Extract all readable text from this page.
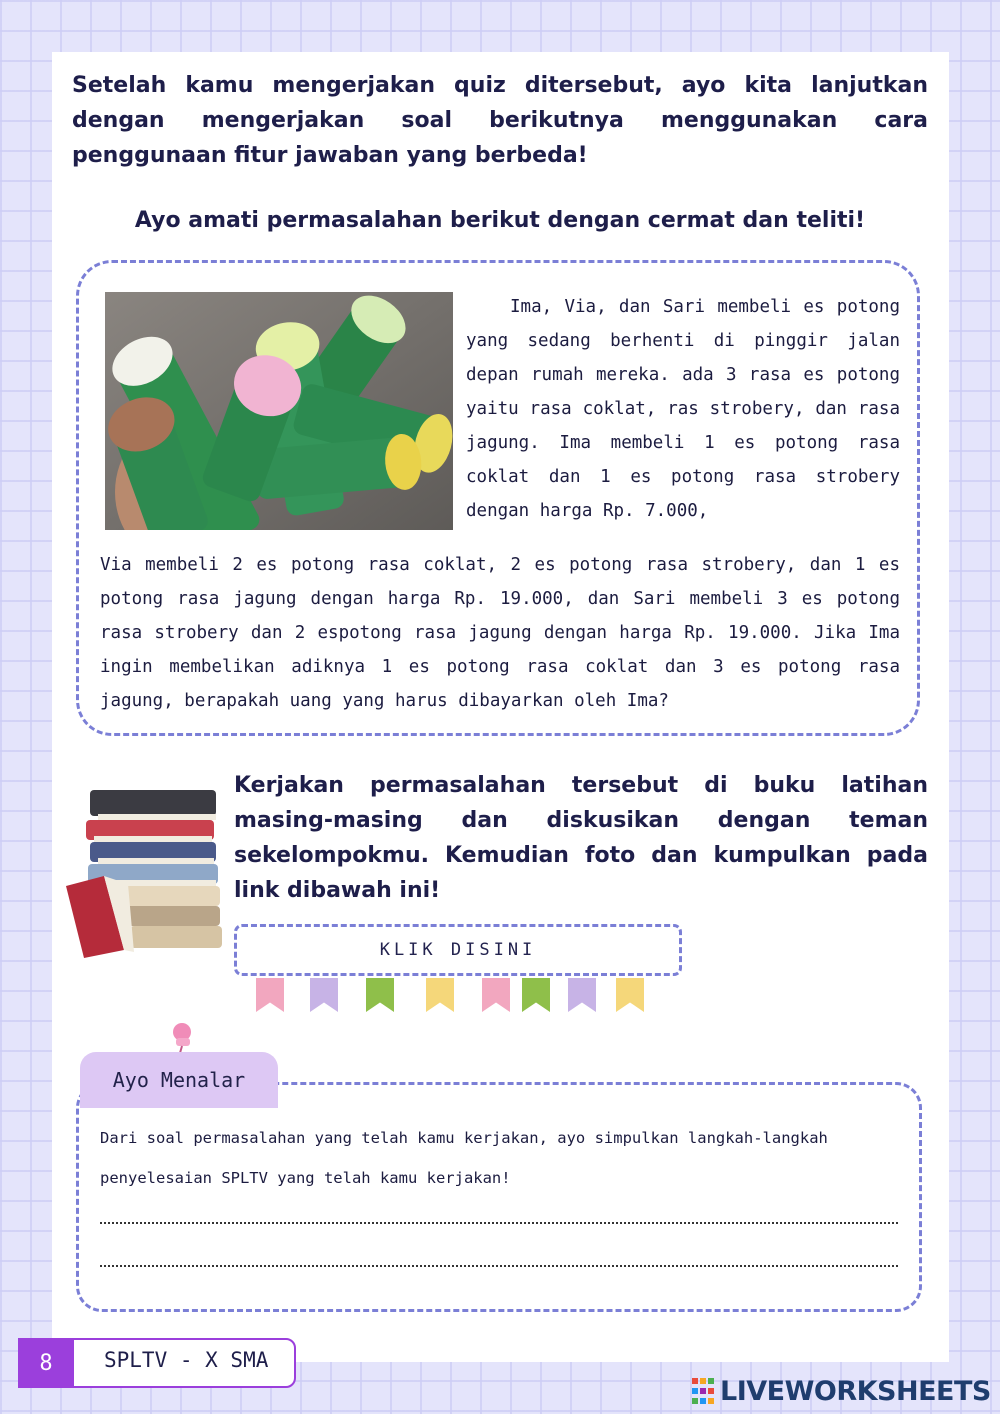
Setelah kamu mengerjakan quiz ditersebut, ayo kita lanjutkan dengan mengerjakan soal berikutnya menggunakan cara penggunaan fitur jawaban yang berbeda!

Ayo amati permasalahan berikut dengan cermat dan teliti!

Ima, Via, dan Sari membeli es potong yang sedang berhenti di pinggir jalan depan rumah mereka. ada 3 rasa es potong yaitu rasa coklat, ras strobery, dan rasa jagung. Ima membeli 1 es potong rasa coklat dan 1 es potong rasa strobery dengan harga Rp. 7.000,

Via membeli 2 es potong rasa coklat, 2 es potong rasa strobery, dan 1 es potong rasa jagung dengan harga Rp. 19.000, dan Sari membeli 3 es potong rasa strobery dan 2 espotong rasa jagung dengan harga Rp. 19.000. Jika Ima ingin membelikan adiknya 1 es potong rasa coklat dan 3 es potong rasa jagung, berapakah uang yang harus dibayarkan oleh Ima?

Kerjakan permasalahan tersebut di buku latihan masing-masing dan diskusikan dengan teman sekelompokmu. Kemudian foto dan kumpulkan pada link dibawah ini!

KLIK DISINI
Ayo Menalar

Dari soal permasalahan yang telah kamu kerjakan, ayo simpulkan langkah-langkah penyelesaian SPLTV yang telah kamu kerjakan!

8	SPLTV - X SMA
LIVEWORKSHEETS
